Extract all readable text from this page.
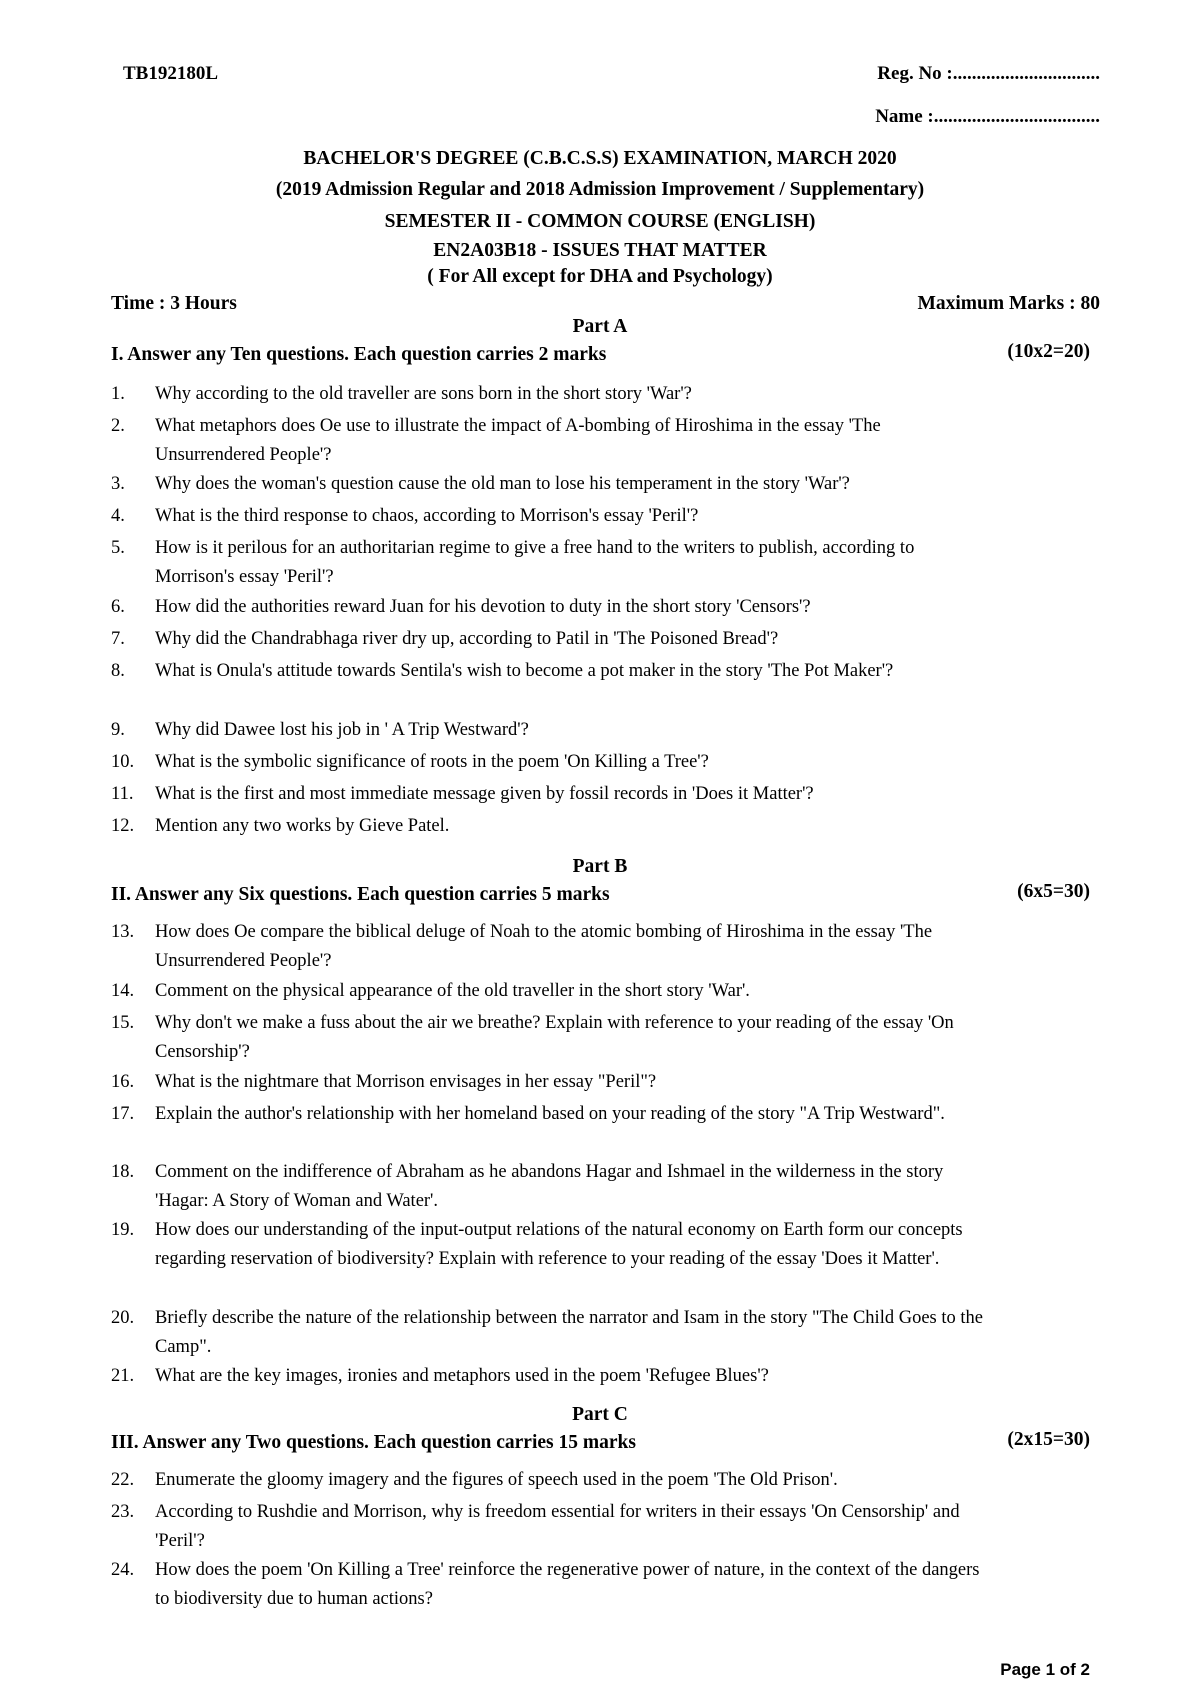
TB192180L	Reg. No :...............................
Name :...................................
BACHELOR'S DEGREE (C.B.C.S.S) EXAMINATION, MARCH 2020
(2019 Admission Regular and 2018 Admission Improvement / Supplementary)
SEMESTER II - COMMON COURSE (ENGLISH)
EN2A03B18 - ISSUES THAT MATTER
( For All except for DHA and Psychology)
Time : 3 Hours	Maximum Marks : 80
Part A
I. Answer any Ten questions. Each question carries 2 marks	(10x2=20)
1.	Why according to the old traveller are sons born in the short story 'War'?
2.	What metaphors does Oe use to illustrate the impact of A-bombing of Hiroshima in the essay 'The Unsurrendered People'?
3.	Why does the woman's question cause the old man to lose his temperament in the story 'War'?
4.	What is the third response to chaos, according to Morrison's essay 'Peril'?
5.	How is it perilous for an authoritarian regime to give a free hand to the writers to publish, according to Morrison's essay 'Peril'?
6.	How did the authorities reward Juan for his devotion to duty in the short story 'Censors'?
7.	Why did the Chandrabhaga river dry up, according to Patil in 'The Poisoned Bread'?
8.	What is Onula's attitude towards Sentila's wish to become a pot maker in the story 'The Pot Maker'?
9.	Why did Dawee lost his job in ' A Trip Westward'?
10.	What is the symbolic significance of roots in the poem 'On Killing a Tree'?
11.	What is the first and most immediate message given by fossil records in 'Does it Matter'?
12.	Mention any two works by Gieve Patel.
Part B
II. Answer any Six questions. Each question carries 5 marks	(6x5=30)
13.	How does Oe compare the biblical deluge of Noah to the atomic bombing of Hiroshima in the essay 'The Unsurrendered People'?
14.	Comment on the physical appearance of the old traveller in the short story 'War'.
15.	Why don't we make a fuss about the air we breathe? Explain with reference to your reading of the essay 'On Censorship'?
16.	What is the nightmare that Morrison envisages in her essay "Peril"?
17.	Explain the author's relationship with her homeland based on your reading of the story "A Trip Westward".
18.	Comment on the indifference of Abraham as he abandons Hagar and Ishmael in the wilderness in the story 'Hagar: A Story of Woman and Water'.
19.	How does our understanding of the input-output relations of the natural economy on Earth form our concepts regarding reservation of biodiversity? Explain with reference to your reading of the essay 'Does it Matter'.
20.	Briefly describe the nature of the relationship between the narrator and Isam in the story "The Child Goes to the Camp".
21.	What are the key images, ironies and metaphors used in the poem 'Refugee Blues'?
Part C
III. Answer any Two questions. Each question carries 15 marks	(2x15=30)
22.	Enumerate the gloomy imagery and the figures of speech used in the poem 'The Old Prison'.
23.	According to Rushdie and Morrison, why is freedom essential for writers in their essays 'On Censorship' and 'Peril'?
24.	How does the poem 'On Killing a Tree' reinforce the regenerative power of nature, in the context of the dangers to biodiversity due to human actions?
Page 1 of 2
